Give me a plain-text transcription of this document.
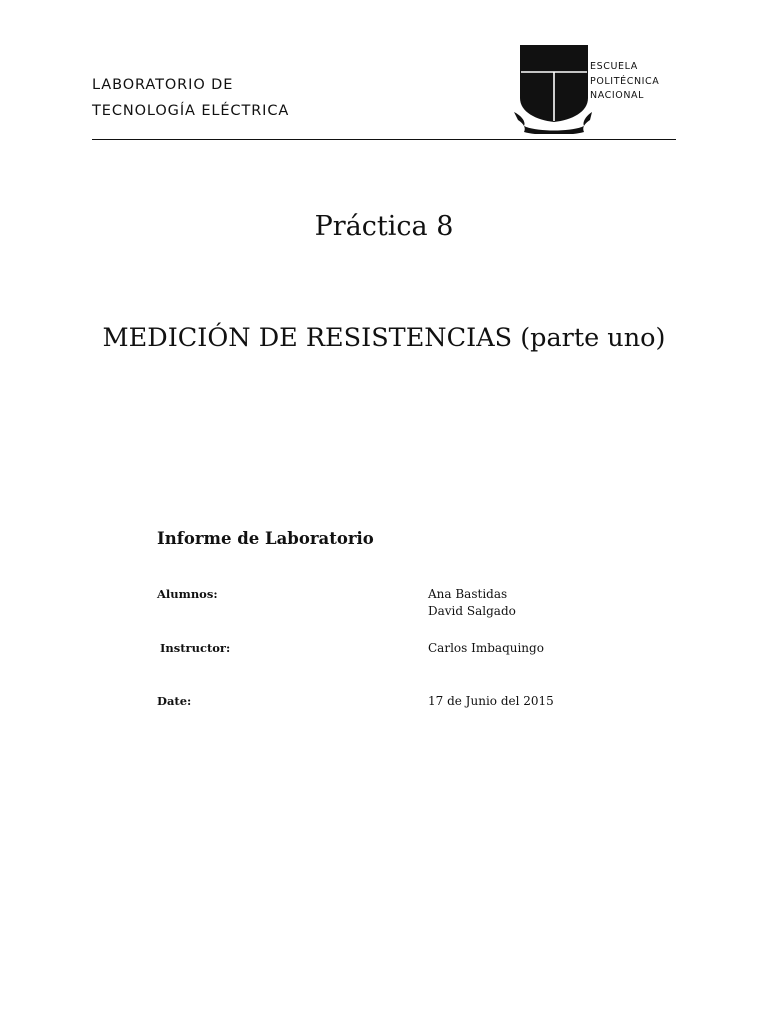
LABORATORIO DE
TECNOLOGÍA ELÉCTRICA
ESCUELA
POLITÉCNICA
NACIONAL
Práctica 8
MEDICIÓN DE RESISTENCIAS (parte uno)
Informe de Laboratorio
Alumnos:	Ana Bastidas
David Salgado
Instructor:	Carlos Imbaquingo
Date:	17 de Junio del 2015
